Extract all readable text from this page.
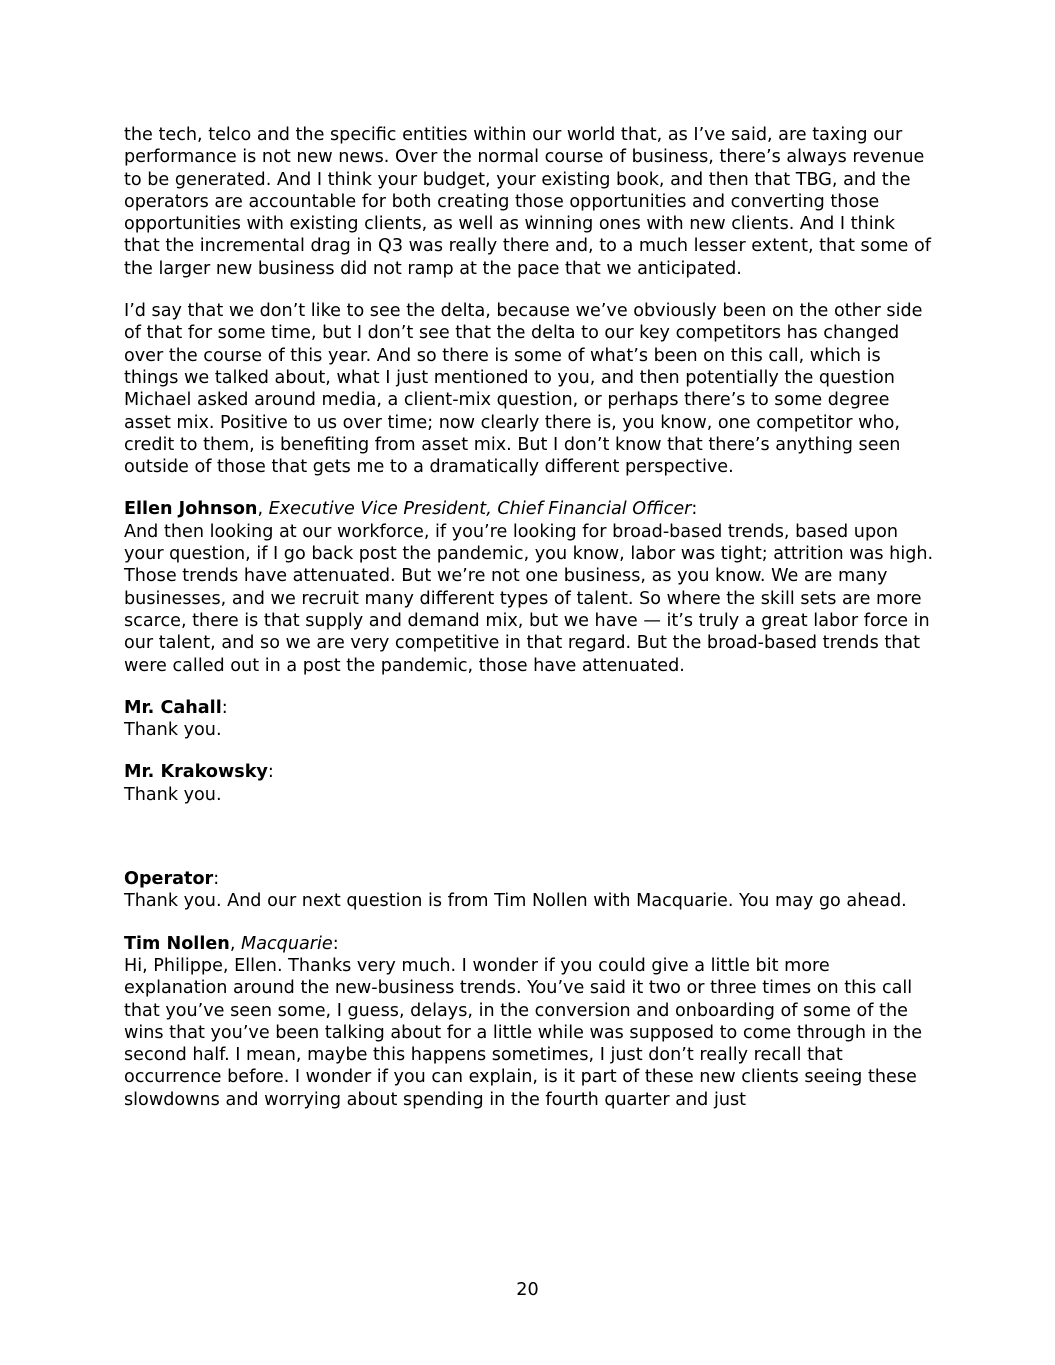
the tech, telco and the specific entities within our world that, as I’ve said, are taxing our performance is not new news. Over the normal course of business, there’s always revenue to be generated. And I think your budget, your existing book, and then that TBG, and the operators are accountable for both creating those opportunities and converting those opportunities with existing clients, as well as winning ones with new clients. And I think that the incremental drag in Q3 was really there and, to a much lesser extent, that some of the larger new business did not ramp at the pace that we anticipated.

I’d say that we don’t like to see the delta, because we’ve obviously been on the other side of that for some time, but I don’t see that the delta to our key competitors has changed over the course of this year. And so there is some of what’s been on this call, which is things we talked about, what I just mentioned to you, and then potentially the question Michael asked around media, a client-mix question, or perhaps there’s to some degree asset mix. Positive to us over time; now clearly there is, you know, one competitor who, credit to them, is benefiting from asset mix. But I don’t know that there’s anything seen outside of those that gets me to a dramatically different perspective.

Ellen Johnson, Executive Vice President, Chief Financial Officer:
And then looking at our workforce, if you’re looking for broad-based trends, based upon your question, if I go back post the pandemic, you know, labor was tight; attrition was high. Those trends have attenuated. But we’re not one business, as you know. We are many businesses, and we recruit many different types of talent. So where the skill sets are more scarce, there is that supply and demand mix, but we have — it’s truly a great labor force in our talent, and so we are very competitive in that regard. But the broad-based trends that were called out in a post the pandemic, those have attenuated.
Mr. Cahall:
Thank you.
Mr. Krakowsky:
Thank you.
Operator:
Thank you. And our next question is from Tim Nollen with Macquarie. You may go ahead.
Tim Nollen, Macquarie:
Hi, Philippe, Ellen. Thanks very much. I wonder if you could give a little bit more explanation around the new-business trends. You’ve said it two or three times on this call that you’ve seen some, I guess, delays, in the conversion and onboarding of some of the wins that you’ve been talking about for a little while was supposed to come through in the second half. I mean, maybe this happens sometimes, I just don’t really recall that occurrence before. I wonder if you can explain, is it part of these new clients seeing these slowdowns and worrying about spending in the fourth quarter and just
20
